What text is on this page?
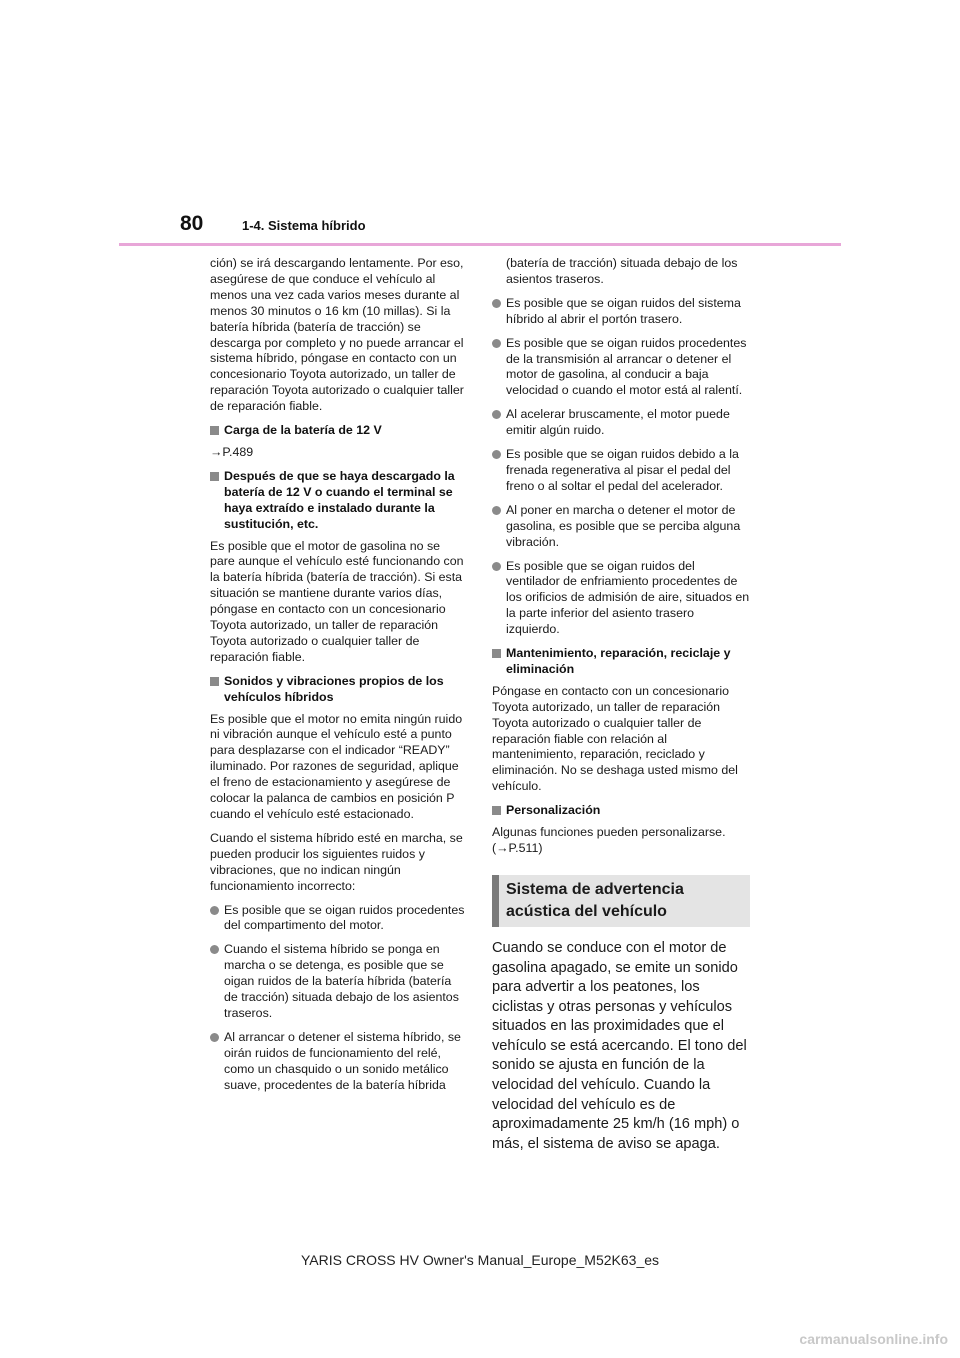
80	1-4. Sistema híbrido

ción) se irá descargando lentamente. Por eso, asegúrese de que conduce el vehículo al menos una vez cada varios meses durante al menos 30 minutos o 16 km (10 millas). Si la batería híbrida (batería de tracción) se descarga por completo y no puede arrancar el sistema híbrido, póngase en contacto con un concesionario Toyota autorizado, un taller de reparación Toyota autorizado o cualquier taller de reparación fiable.

Carga de la batería de 12 V

→P.489

Después de que se haya descargado la batería de 12 V o cuando el terminal se haya extraído e instalado durante la sustitución, etc.

Es posible que el motor de gasolina no se pare aunque el vehículo esté funcionando con la batería híbrida (batería de tracción). Si esta situación se mantiene durante varios días, póngase en contacto con un concesionario Toyota autorizado, un taller de reparación Toyota autorizado o cualquier taller de reparación fiable.

Sonidos y vibraciones propios de los vehículos híbridos

Es posible que el motor no emita ningún ruido ni vibración aunque el vehículo esté a punto para desplazarse con el indicador “READY” iluminado. Por razones de seguridad, aplique el freno de estacionamiento y asegúrese de colocar la palanca de cambios en posición P cuando el vehículo esté estacionado.

Cuando el sistema híbrido esté en marcha, se pueden producir los siguientes ruidos y vibraciones, que no indican ningún funcionamiento incorrecto:

Es posible que se oigan ruidos procedentes del compartimento del motor.
Cuando el sistema híbrido se ponga en marcha o se detenga, es posible que se oigan ruidos de la batería híbrida (batería de tracción) situada debajo de los asientos traseros.
Al arrancar o detener el sistema híbrido, se oirán ruidos de funcionamiento del relé, como un chasquido o un sonido metálico suave, procedentes de la batería híbrida

(batería de tracción) situada debajo de los asientos traseros.

Es posible que se oigan ruidos del sistema híbrido al abrir el portón trasero.
Es posible que se oigan ruidos procedentes de la transmisión al arrancar o detener el motor de gasolina, al conducir a baja velocidad o cuando el motor está al ralentí.
Al acelerar bruscamente, el motor puede emitir algún ruido.
Es posible que se oigan ruidos debido a la frenada regenerativa al pisar el pedal del freno o al soltar el pedal del acelerador.
Al poner en marcha o detener el motor de gasolina, es posible que se perciba alguna vibración.
Es posible que se oigan ruidos del ventilador de enfriamiento procedentes de los orificios de admisión de aire, situados en la parte inferior del asiento trasero izquierdo.
Mantenimiento, reparación, reciclaje y eliminación

Póngase en contacto con un concesionario Toyota autorizado, un taller de reparación Toyota autorizado o cualquier taller de reparación fiable con relación al mantenimiento, reparación, reciclado y eliminación. No se deshaga usted mismo del vehículo.

Personalización

Algunas funciones pueden personalizarse. (→P.511)

Sistema de advertencia acústica del vehículo

Cuando se conduce con el motor de gasolina apagado, se emite un sonido para advertir a los peatones, los ciclistas y otras personas y vehículos situados en las proximidades que el vehículo se está acercando. El tono del sonido se ajusta en función de la velocidad del vehículo. Cuando la velocidad del vehículo es de aproximadamente 25 km/h (16 mph) o más, el sistema de aviso se apaga.

YARIS CROSS HV Owner's Manual_Europe_M52K63_es
carmanualsonline.info
